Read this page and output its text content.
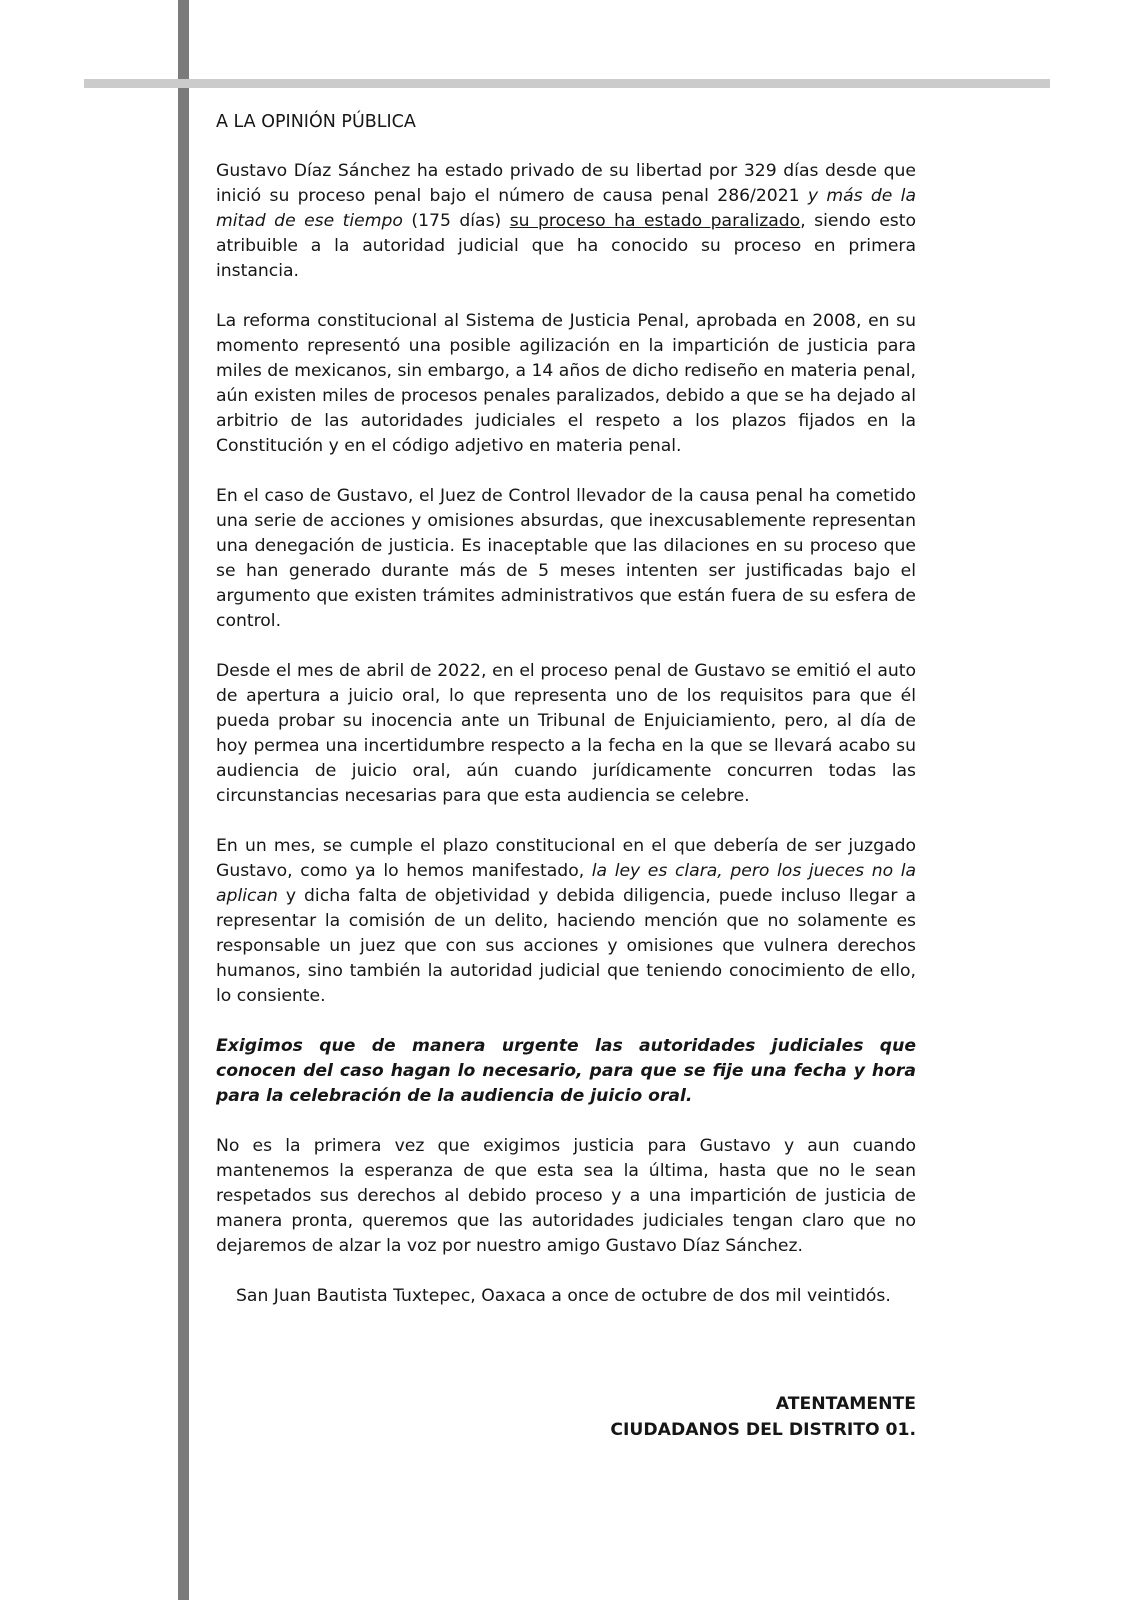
A LA OPINIÓN PÚBLICA

Gustavo Díaz Sánchez ha estado privado de su libertad por 329 días desde que inició su proceso penal bajo el número de causa penal 286/2021 y más de la mitad de ese tiempo (175 días) su proceso ha estado paralizado, siendo esto atribuible a la autoridad judicial que ha conocido su proceso en primera instancia.

La reforma constitucional al Sistema de Justicia Penal, aprobada en 2008, en su momento representó una posible agilización en la impartición de justicia para miles de mexicanos, sin embargo, a 14 años de dicho rediseño en materia penal, aún existen miles de procesos penales paralizados, debido a que se ha dejado al arbitrio de las autoridades judiciales el respeto a los plazos fijados en la Constitución y en el código adjetivo en materia penal.

En el caso de Gustavo, el Juez de Control llevador de la causa penal ha cometido una serie de acciones y omisiones absurdas, que inexcusablemente representan una denegación de justicia. Es inaceptable que las dilaciones en su proceso que se han generado durante más de 5 meses intenten ser justificadas bajo el argumento que existen trámites administrativos que están fuera de su esfera de control.

Desde el mes de abril de 2022, en el proceso penal de Gustavo se emitió el auto de apertura a juicio oral, lo que representa uno de los requisitos para que él pueda probar su inocencia ante un Tribunal de Enjuiciamiento, pero, al día de hoy permea una incertidumbre respecto a la fecha en la que se llevará acabo su audiencia de juicio oral, aún cuando jurídicamente concurren todas las circunstancias necesarias para que esta audiencia se celebre.

En un mes, se cumple el plazo constitucional en el que debería de ser juzgado Gustavo, como ya lo hemos manifestado, la ley es clara, pero los jueces no la aplican y dicha falta de objetividad y debida diligencia, puede incluso llegar a representar la comisión de un delito, haciendo mención que no solamente es responsable un juez que con sus acciones y omisiones que vulnera derechos humanos, sino también la autoridad judicial que teniendo conocimiento de ello, lo consiente.

Exigimos que de manera urgente las autoridades judiciales que conocen del caso hagan lo necesario, para que se fije una fecha y hora para la celebración de la audiencia de juicio oral.

No es la primera vez que exigimos justicia para Gustavo y aun cuando mantenemos la esperanza de que esta sea la última, hasta que no le sean respetados sus derechos al debido proceso y a una impartición de justicia de manera pronta, queremos que las autoridades judiciales tengan claro que no dejaremos de alzar la voz por nuestro amigo Gustavo Díaz Sánchez.

San Juan Bautista Tuxtepec, Oaxaca a once de octubre de dos mil veintidós.
ATENTAMENTE
CIUDADANOS DEL DISTRITO 01.
